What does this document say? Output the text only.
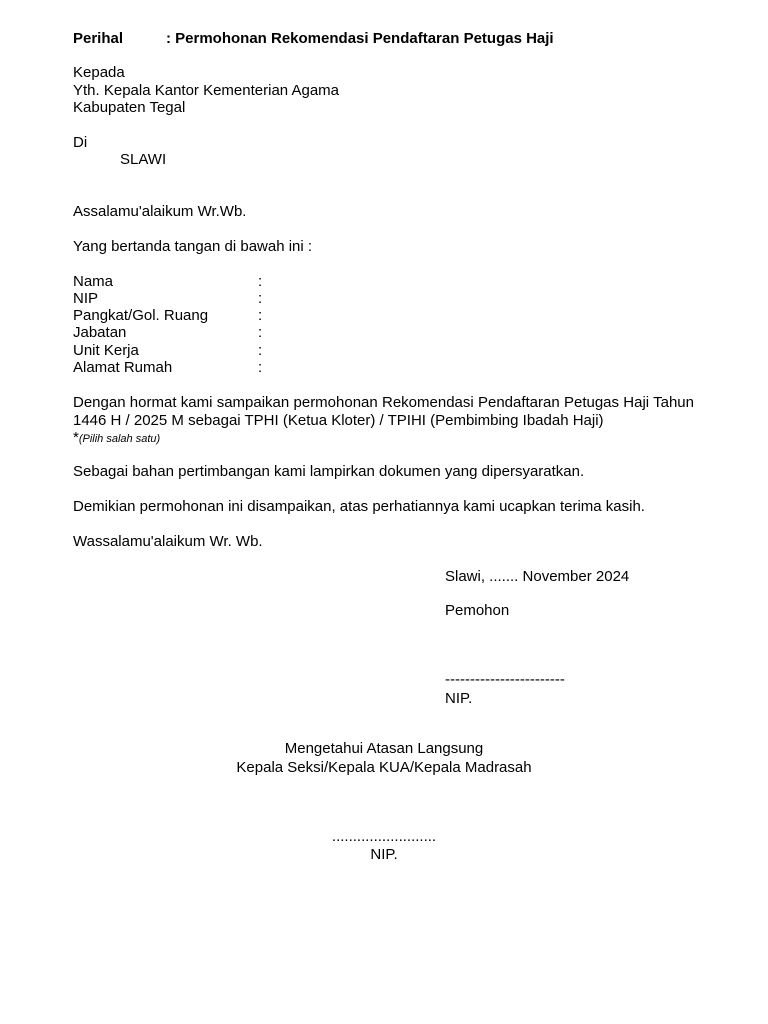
Perihal	: Permohonan Rekomendasi Pendaftaran Petugas Haji
Kepada
Yth. Kepala Kantor Kementerian Agama
Kabupaten Tegal
Di
SLAWI
Assalamu'alaikum Wr.Wb.
Yang bertanda tangan di bawah ini :
Nama	:
NIP	:
Pangkat/Gol. Ruang	:
Jabatan	:
Unit Kerja	:
Alamat Rumah	:
Dengan hormat kami sampaikan permohonan Rekomendasi Pendaftaran Petugas Haji Tahun 1446 H / 2025 M sebagai TPHI (Ketua Kloter) / TPIHI (Pembimbing Ibadah Haji)
*(Pilih salah satu)
Sebagai bahan pertimbangan kami lampirkan dokumen yang dipersyaratkan.
Demikian permohonan ini disampaikan, atas perhatiannya kami ucapkan terima kasih.
Wassalamu'alaikum Wr. Wb.
Slawi, ....... November 2024
Pemohon
------------------------
NIP.
Mengetahui Atasan Langsung
Kepala Seksi/Kepala KUA/Kepala Madrasah
.........................
NIP.
